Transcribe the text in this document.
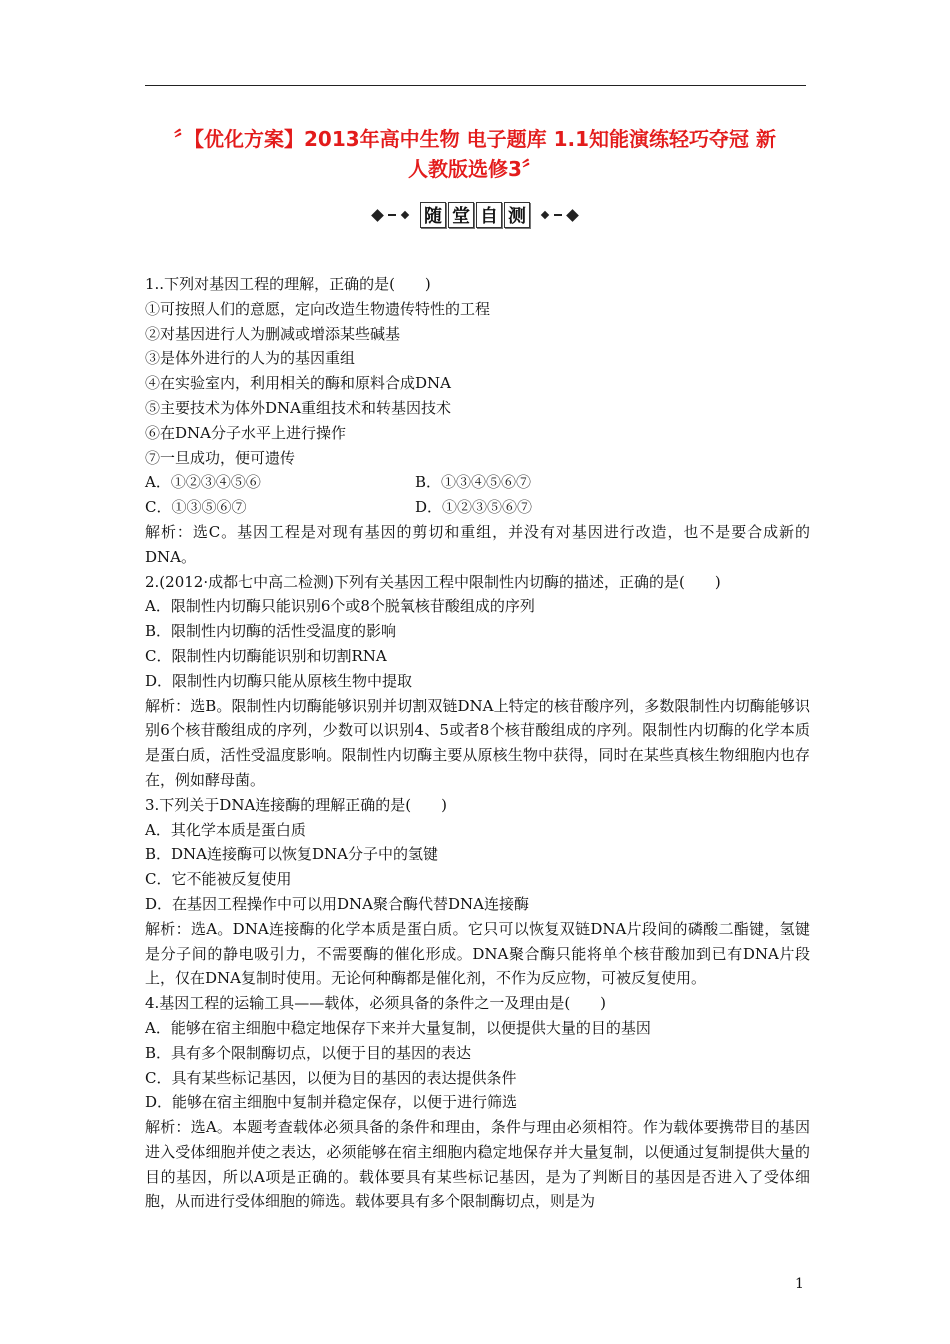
〞【优化方案】2013年高中生物 电子题库 1.1知能演练轻巧夺冠 新
人教版选修3〞
随 堂 自 测
1..下列对基因工程的理解，正确的是(　　)
①可按照人们的意愿，定向改造生物遗传特性的工程
②对基因进行人为删减或增添某些碱基
③是体外进行的人为的基因重组
④在实验室内，利用相关的酶和原料合成DNA
⑤主要技术为体外DNA重组技术和转基因技术
⑥在DNA分子水平上进行操作
⑦一旦成功，便可遗传
A．①②③④⑤⑥	B．①③④⑤⑥⑦
C．①③⑤⑥⑦	D．①②③⑤⑥⑦
解析：选C。基因工程是对现有基因的剪切和重组，并没有对基因进行改造，也不是要合成新的DNA。
2.(2012·成都七中高二检测)下列有关基因工程中限制性内切酶的描述，正确的是(　　)
A．限制性内切酶只能识别6个或8个脱氧核苷酸组成的序列
B．限制性内切酶的活性受温度的影响
C．限制性内切酶能识别和切割RNA
D．限制性内切酶只能从原核生物中提取
解析：选B。限制性内切酶能够识别并切割双链DNA上特定的核苷酸序列，多数限制性内切酶能够识别6个核苷酸组成的序列，少数可以识别4、5或者8个核苷酸组成的序列。限制性内切酶的化学本质是蛋白质，活性受温度影响。限制性内切酶主要从原核生物中获得，同时在某些真核生物细胞内也存在，例如酵母菌。
3.下列关于DNA连接酶的理解正确的是(　　)
A．其化学本质是蛋白质
B．DNA连接酶可以恢复DNA分子中的氢键
C．它不能被反复使用
D．在基因工程操作中可以用DNA聚合酶代替DNA连接酶
解析：选A。DNA连接酶的化学本质是蛋白质。它只可以恢复双链DNA片段间的磷酸二酯键，氢键是分子间的静电吸引力，不需要酶的催化形成。DNA聚合酶只能将单个核苷酸加到已有DNA片段上，仅在DNA复制时使用。无论何种酶都是催化剂，不作为反应物，可被反复使用。
4.基因工程的运输工具——载体，必须具备的条件之一及理由是(　　)
A．能够在宿主细胞中稳定地保存下来并大量复制，以便提供大量的目的基因
B．具有多个限制酶切点，以便于目的基因的表达
C．具有某些标记基因，以便为目的基因的表达提供条件
D．能够在宿主细胞中复制并稳定保存，以便于进行筛选
解析：选A。本题考查载体必须具备的条件和理由，条件与理由必须相符。作为载体要携带目的基因进入受体细胞并使之表达，必须能够在宿主细胞内稳定地保存并大量复制，以便通过复制提供大量的目的基因，所以A项是正确的。载体要具有某些标记基因，是为了判断目的基因是否进入了受体细胞，从而进行受体细胞的筛选。载体要具有多个限制酶切点，则是为
1
